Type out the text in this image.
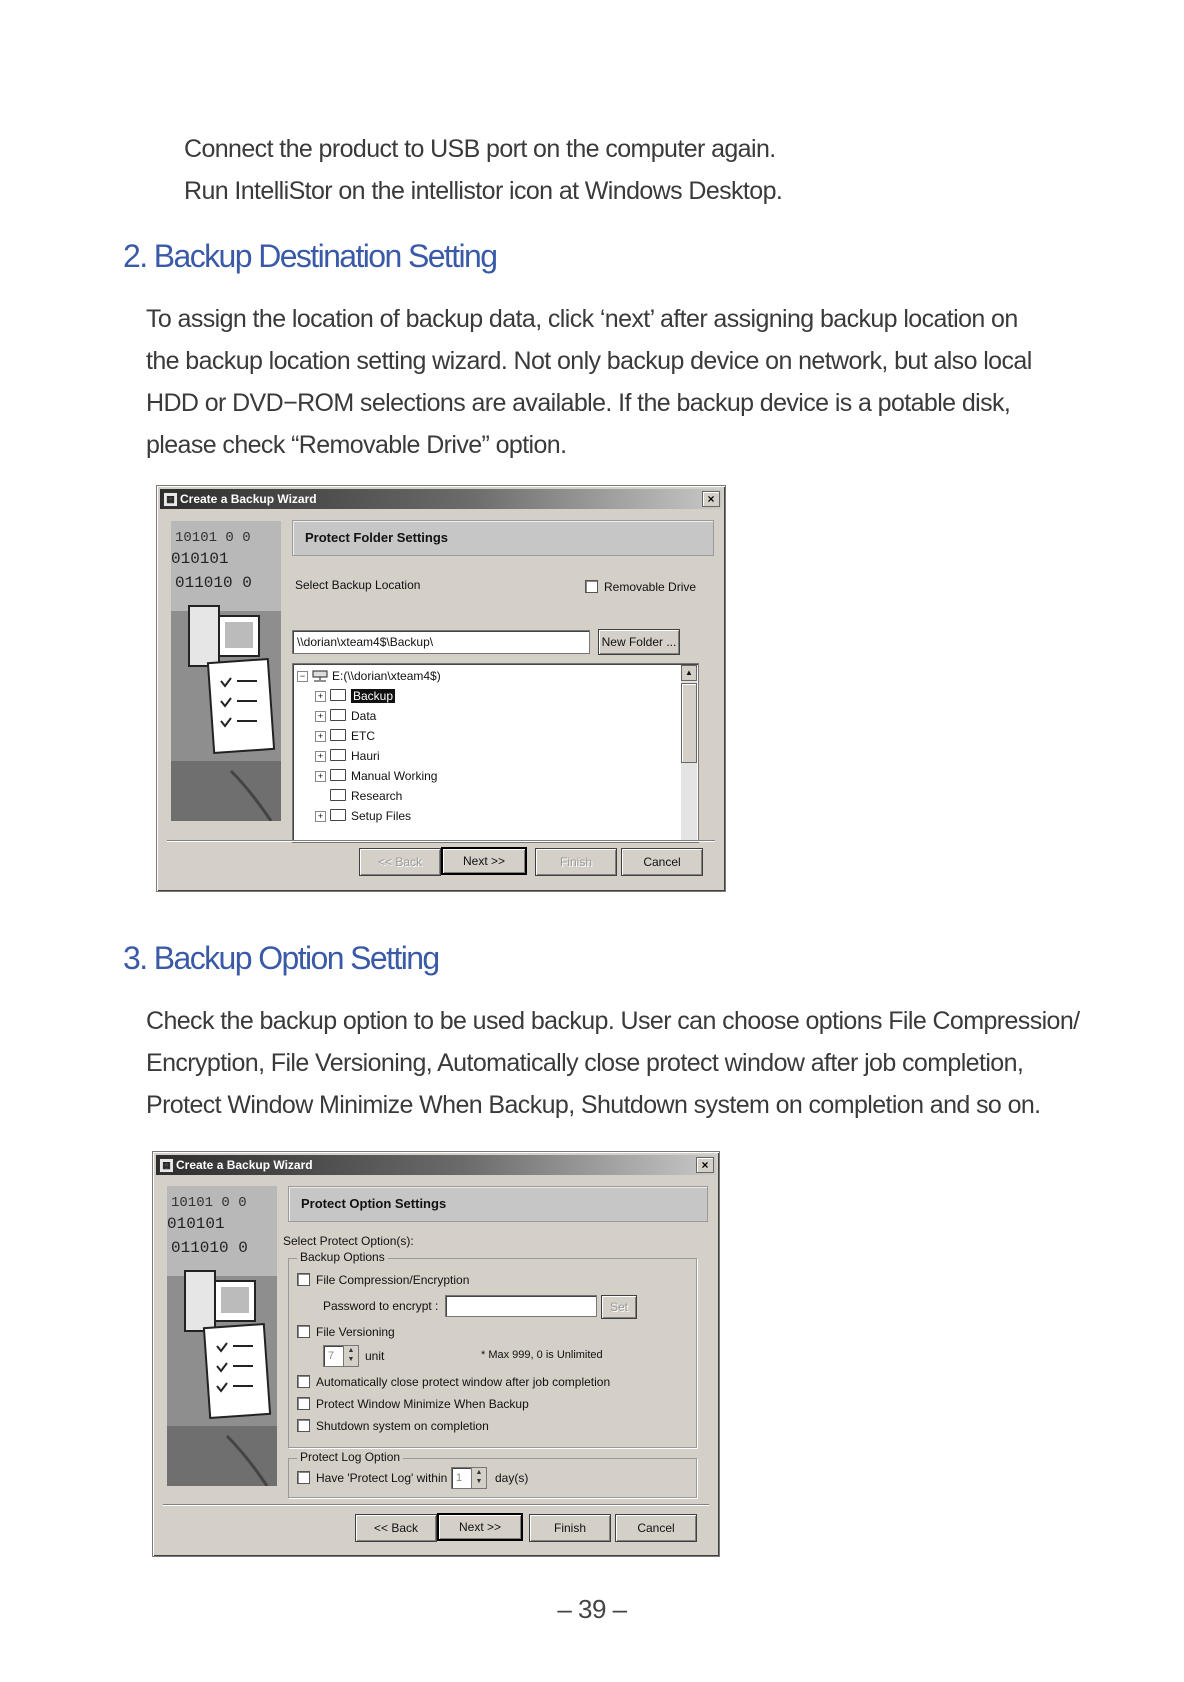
Connect the product to USB port on the computer again.
Run IntelliStor on the intellistor icon at Windows Desktop.
2. Backup Destination Setting
To assign the location of backup data, click ‘next’ after assigning backup location on
the backup location setting wizard. Not only backup device on network, but also local
HDD or DVD−ROM selections are available. If the backup device is a potable disk,
please check “Removable Drive” option.
▦ Create a Backup Wizard	×
10101 0 0
010101
011010 0
Protect Folder Settings
Select Backup Location	Removable Drive
\\dorian\xteam4$\Backup\	New Folder ...
− E:(\\dorian\xteam4$)
+ Backup
+ Data
+ ETC
+ Hauri
+ Manual Working
Research
+ Setup Files
▲
<< Back	Next >>	Finish	Cancel
3. Backup Option Setting
Check the backup option to be used backup. User can choose options File Compression/
Encryption, File Versioning, Automatically close protect window after job completion,
Protect Window Minimize When Backup, Shutdown system on completion and so on.
▦ Create a Backup Wizard	×
10101 0 0
010101
011010 0
Protect Option Settings
Select Protect Option(s):
Backup Options
File Compression/Encryption
Password to encrypt :	Set
File Versioning
7	▲
▼ unit	* Max 999, 0 is Unlimited
Automatically close protect window after job completion
Protect Window Minimize When Backup
Shutdown system on completion
Protect Log Option
Have 'Protect Log' within 1	▲
▼ day(s)
<< Back	Next >>	Finish	Cancel
– 39 –
